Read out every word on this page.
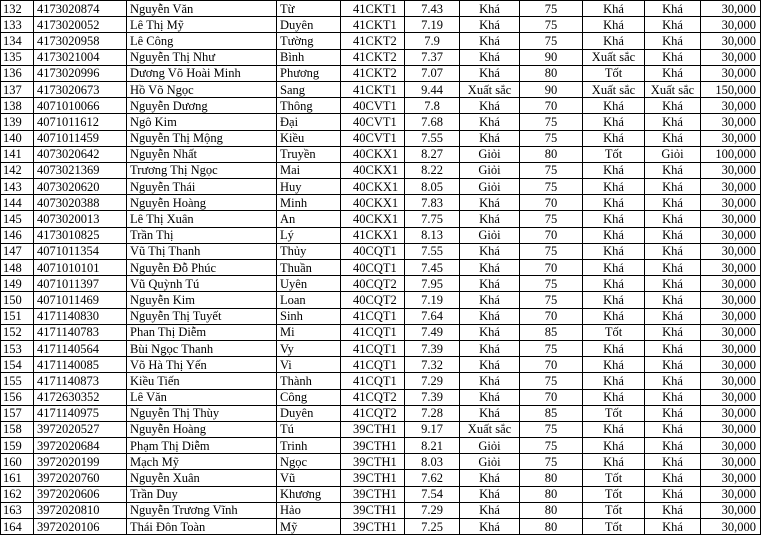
132	4173020874	Nguyễn Văn	Từ	41CKT1	7.43	Khá	75	Khá	Khá	30,000
133	4173020052	Lê Thị Mỹ	Duyên	41CKT1	7.19	Khá	75	Khá	Khá	30,000
134	4173020958	Lê Công	Tường	41CKT2	7.9	Khá	75	Khá	Khá	30,000
135	4173021004	Nguyễn Thị Như	Bình	41CKT2	7.37	Khá	90	Xuất sắc	Khá	30,000
136	4173020996	Dương Võ Hoài Minh	Phương	41CKT2	7.07	Khá	80	Tốt	Khá	30,000
137	4173020673	Hồ Võ Ngọc	Sang	41CKT1	9.44	Xuất sắc	90	Xuất sắc	Xuất sắc	150,000
138	4071010066	Nguyễn Dương	Thông	40CVT1	7.8	Khá	70	Khá	Khá	30,000
139	4071011612	Ngô Kim	Đại	40CVT1	7.68	Khá	75	Khá	Khá	30,000
140	4071011459	Nguyễn Thị Mộng	Kiều	40CVT1	7.55	Khá	75	Khá	Khá	30,000
141	4073020642	Nguyễn Nhất	Truyền	40CKX1	8.27	Giỏi	80	Tốt	Giỏi	100,000
142	4073021369	Trương Thị Ngọc	Mai	40CKX1	8.22	Giỏi	75	Khá	Khá	30,000
143	4073020620	Nguyễn Thái	Huy	40CKX1	8.05	Giỏi	75	Khá	Khá	30,000
144	4073020388	Nguyễn Hoàng	Minh	40CKX1	7.83	Khá	70	Khá	Khá	30,000
145	4073020013	Lê Thị Xuân	An	40CKX1	7.75	Khá	75	Khá	Khá	30,000
146	4173010825	Trần Thị	Lý	41CKX1	8.13	Giỏi	70	Khá	Khá	30,000
147	4071011354	Vũ Thị Thanh	Thủy	40CQT1	7.55	Khá	75	Khá	Khá	30,000
148	4071010101	Nguyễn Đỗ Phúc	Thuần	40CQT1	7.45	Khá	70	Khá	Khá	30,000
149	4071011397	Vũ Quỳnh Tú	Uyên	40CQT2	7.95	Khá	75	Khá	Khá	30,000
150	4071011469	Nguyễn Kim	Loan	40CQT2	7.19	Khá	75	Khá	Khá	30,000
151	4171140830	Nguyễn Thị Tuyết	Sinh	41CQT1	7.64	Khá	70	Khá	Khá	30,000
152	4171140783	Phan Thị Diễm	Mi	41CQT1	7.49	Khá	85	Tốt	Khá	30,000
153	4171140564	Bùi Ngọc Thanh	Vy	41CQT1	7.39	Khá	75	Khá	Khá	30,000
154	4171140085	Võ Hà Thị Yến	Vi	41CQT1	7.32	Khá	70	Khá	Khá	30,000
155	4171140873	Kiều Tiến	Thành	41CQT1	7.29	Khá	75	Khá	Khá	30,000
156	4172630352	Lê Văn	Công	41CQT2	7.39	Khá	70	Khá	Khá	30,000
157	4171140975	Nguyễn Thị Thùy	Duyên	41CQT2	7.28	Khá	85	Tốt	Khá	30,000
158	3972020527	Nguyễn Hoàng	Tú	39CTH1	9.17	Xuất sắc	75	Khá	Khá	30,000
159	3972020684	Phạm Thị Diễm	Trinh	39CTH1	8.21	Giỏi	75	Khá	Khá	30,000
160	3972020199	Mạch Mỹ	Ngọc	39CTH1	8.03	Giỏi	75	Khá	Khá	30,000
161	3972020760	Nguyễn Xuân	Vũ	39CTH1	7.62	Khá	80	Tốt	Khá	30,000
162	3972020606	Trần Duy	Khương	39CTH1	7.54	Khá	80	Tốt	Khá	30,000
163	3972020810	Nguyễn Trương Vĩnh	Hảo	39CTH1	7.29	Khá	80	Tốt	Khá	30,000
164	3972020106	Thái Đôn Toàn	Mỹ	39CTH1	7.25	Khá	80	Tốt	Khá	30,000
